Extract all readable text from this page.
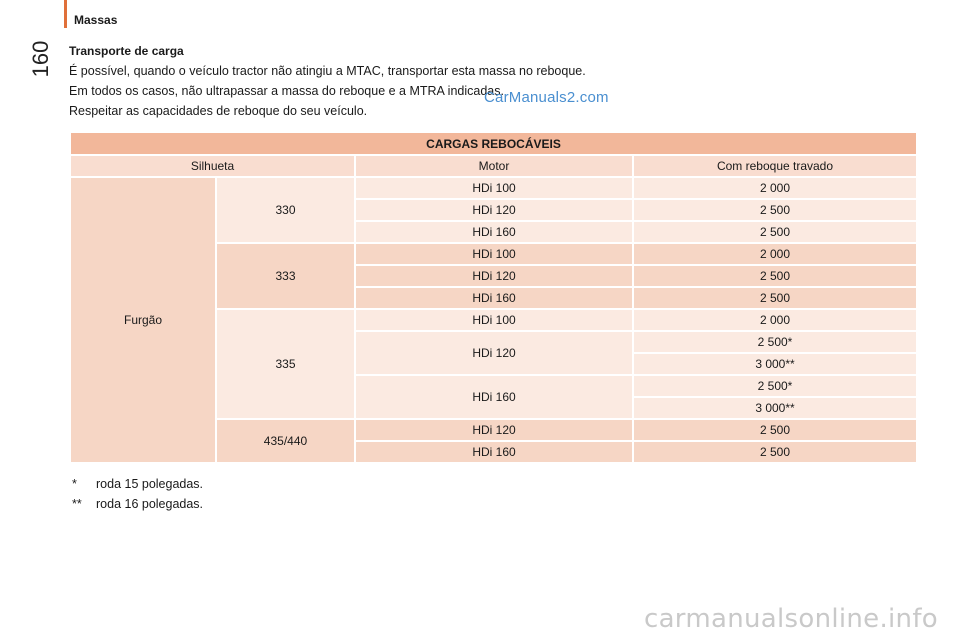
160
Massas
Transporte de carga

É possível, quando o veículo tractor não atingiu a MTAC, transportar esta massa no reboque.

Em todos os casos, não ultrapassar a massa do reboque e a MTRA indicadas.

Respeitar as capacidades de reboque do seu veículo.

CarManuals2.com
CARGAS REBOCÁVEIS			
Silhueta		Motor	Com reboque travado
Furgão	330	HDi 100	2 000
		HDi 120	2 500
		HDi 160	2 500
	333	HDi 100	2 000
		HDi 120	2 500
		HDi 160	2 500
	335	HDi 100	2 000
		HDi 120	2 500*
			3 000**
		HDi 160	2 500*
			3 000**
	435/440	HDi 120	2 500
		HDi 160	2 500
*	roda 15 polegadas.
**	roda 16 polegadas.
carmanualsonline.info
